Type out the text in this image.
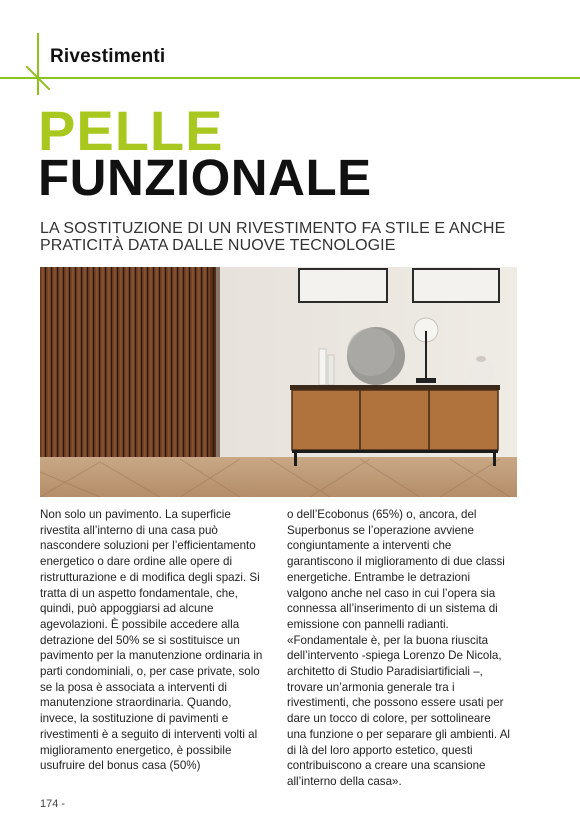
Rivestimenti
PELLE
FUNZIONALE

LA SOSTITUZIONE DI UN RIVESTIMENTO FA STILE E ANCHE PRATICITÀ DATA DALLE NUOVE TECNOLOGIE

Non solo un pavimento. La superficie rivestita all’interno di una casa può nascondere soluzioni per l’efficientamento energetico o dare ordine alle opere di ristrutturazione e di modifica degli spazi. Si tratta di un aspetto fondamentale, che, quindi, può appoggiarsi ad alcune agevolazioni. È possibile accedere alla detrazione del 50% se si sostituisce un pavimento per la manutenzione ordinaria in parti condominiali, o, per case private, solo se la posa è associata a interventi di manutenzione straordinaria. Quando, invece, la sostituzione di pavimenti e rivestimenti è a seguito di interventi volti al miglioramento energetico, è possibile usufruire del bonus casa (50%)

o dell’Ecobonus (65%) o, ancora, del Superbonus se l’operazione avviene congiuntamente a interventi che garantiscono il miglioramento di due classi energetiche. Entrambe le detrazioni valgono anche nel caso in cui l’opera sia connessa all’inserimento di un sistema di emissione con pannelli radianti.

«Fondamentale è, per la buona riuscita dell’intervento -spiega Lorenzo De Nicola, architetto di Studio Paradisiartificiali –, trovare un’armonia generale tra i rivestimenti, che possono essere usati per dare un tocco di colore, per sottolineare una funzione o per separare gli ambienti. Al di là del loro apporto estetico, questi contribuiscono a creare una scansione all’interno della casa».

174 -
